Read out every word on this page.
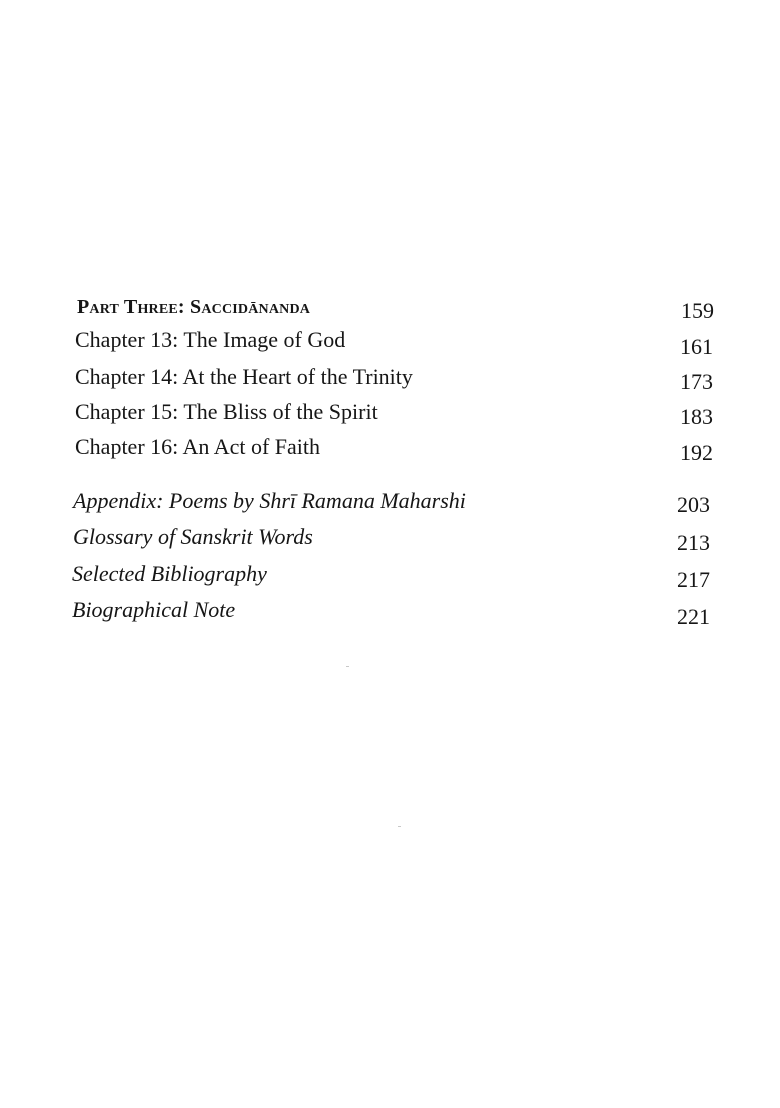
Part Three: Saccidānanda	159
Chapter 13: The Image of God	161
Chapter 14: At the Heart of the Trinity	173
Chapter 15: The Bliss of the Spirit	183
Chapter 16: An Act of Faith	192
Appendix: Poems by Shrī Ramana Maharshi	203
Glossary of Sanskrit Words	213
Selected Bibliography	217
Biographical Note	221
